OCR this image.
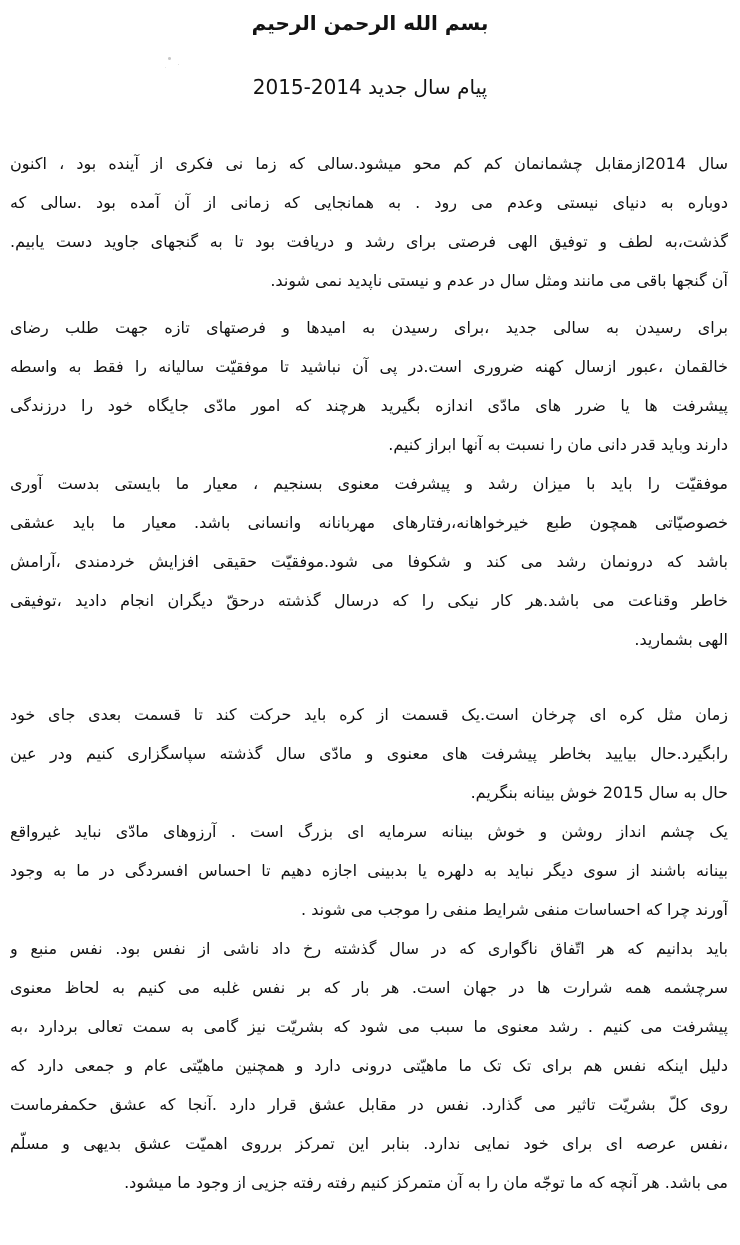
بسم الله الرحمن الرحيم
پیام سال جدید 2015-2014
سال 2014ازمقابل چشمانمان کم کم محو میشود.سالی که زما نی فکری از آینده بود ، اکنون
دوباره به دنیای نیستی وعدم می رود . به همانجایی که زمانی از آن آمده بود .سالی که
گذشت،به لطف و توفیق الهی فرصتی برای رشد و دریافت بود تا به گنجهای جاوید دست یابیم.
آن گنجها باقی می مانند ومثل سال در عدم و نیستی ناپدید نمی شوند.
برای رسیدن به سالی جدید ،برای رسیدن به امیدها و فرصتهای تازه جهت طلب رضای
خالقمان ،عبور ازسال کهنه ضروری است.در پی آن نباشید تا موفقیّت سالیانه را فقط به واسطه
پیشرفت ها یا ضرر های مادّی اندازه بگیرید هرچند که امور مادّی جایگاه خود را درزندگی
دارند وباید قدر دانی مان را نسبت به آنها ابراز کنیم.
موفقیّت را باید با میزان رشد و پیشرفت معنوی بسنجیم ، معیار ما بایستی بدست آوری
خصوصیّاتی همچون طبع خیرخواهانه،رفتارهای مهربانانه وانسانی باشد. معیار ما باید عشقی
باشد که درونمان رشد می کند و شکوفا می شود.موفقیّت حقیقی افزایش خردمندی ،آرامش
خاطر وقناعت می باشد.هر کار نیکی را که درسال گذشته درحقّ دیگران انجام دادید ،توفیقی
الهی بشمارید.
زمان مثل کره ای چرخان است.یک قسمت از کره باید حرکت کند تا قسمت بعدی جای خود
رابگیرد.حال بیایید بخاطر پیشرفت های معنوی و مادّی سال گذشته سپاسگزاری کنیم ودر عین
حال به سال 2015 خوش بینانه بنگریم.
یک چشم انداز روشن و خوش بینانه سرمایه ای بزرگ است . آرزوهای مادّی نباید غیرواقع
بینانه باشند از سوی دیگر نباید به دلهره یا بدبینی اجازه دهیم تا احساس افسردگی در ما به وجود
آورند چرا که احساسات منفی شرایط منفی را موجب می شوند .
باید بدانیم که هر اتّفاق ناگواری که در سال گذشته رخ داد ناشی از نفس بود. نفس منبع و
سرچشمه همه شرارت ها در جهان است. هر بار که بر نفس غلبه می کنیم به لحاظ معنوی
پیشرفت می کنیم . رشد معنوی ما سبب می شود که بشریّت نیز گامی به سمت تعالی بردارد ،به
دلیل اینکه نفس هم برای تک تک ما ماهیّتی درونی دارد و همچنین ماهیّتی عام و جمعی دارد که
روی کلّ بشریّت تاثیر می گذارد. نفس در مقابل عشق قرار دارد .آنجا که عشق حکمفرماست
،نفس عرصه ای برای خود نمایی ندارد. بنابر این تمرکز برروی اهمیّت عشق بدیهی و مسلّم
می باشد. هر آنچه که ما توجّه مان را به آن متمرکز کنیم رفته رفته جزیی از وجود ما میشود.
